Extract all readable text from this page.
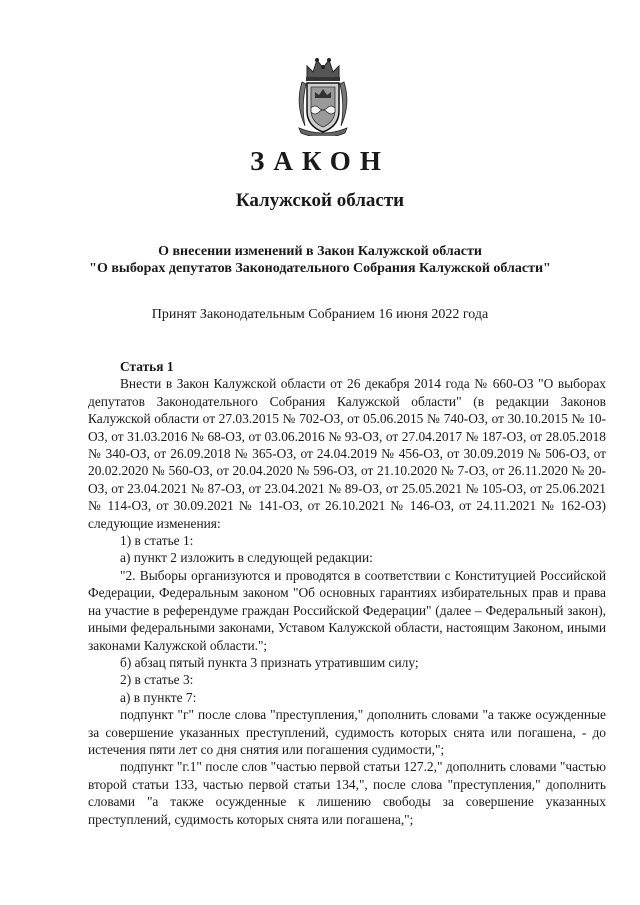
ЗАКОН
Калужской области
О внесении изменений в Закон Калужской области
"О выборах депутатов Законодательного Собрания Калужской области"
Принят Законодательным Собранием 16 июня 2022 года

Статья 1

Внести в Закон Калужской области от 26 декабря 2014 года № 660-ОЗ "О выборах депутатов Законодательного Собрания Калужской области" (в редакции Законов Калужской области от 27.03.2015 № 702-ОЗ, от 05.06.2015 № 740-ОЗ, от 30.10.2015 № 10-ОЗ, от 31.03.2016 № 68-ОЗ, от 03.06.2016 № 93-ОЗ, от 27.04.2017 № 187-ОЗ, от 28.05.2018 № 340-ОЗ, от 26.09.2018 № 365-ОЗ, от 24.04.2019 № 456-ОЗ, от 30.09.2019 № 506-ОЗ, от 20.02.2020 № 560-ОЗ, от 20.04.2020 № 596-ОЗ, от 21.10.2020 № 7-ОЗ, от 26.11.2020 № 20-ОЗ, от 23.04.2021 № 87-ОЗ, от 23.04.2021 № 89-ОЗ, от 25.05.2021 № 105-ОЗ, от 25.06.2021 № 114-ОЗ, от 30.09.2021 № 141-ОЗ, от 26.10.2021 № 146-ОЗ, от 24.11.2021 № 162-ОЗ) следующие изменения:

1) в статье 1:

а) пункт 2 изложить в следующей редакции:

"2. Выборы организуются и проводятся в соответствии с Конституцией Российской Федерации, Федеральным законом "Об основных гарантиях избирательных прав и права на участие в референдуме граждан Российской Федерации" (далее – Федеральный закон), иными федеральными законами, Уставом Калужской области, настоящим Законом, иными законами Калужской области.";

б) абзац пятый пункта 3 признать утратившим силу;

2) в статье 3:

а) в пункте 7:

подпункт "г" после слова "преступления," дополнить словами "а также осужденные за совершение указанных преступлений, судимость которых снята или погашена, - до истечения пяти лет со дня снятия или погашения судимости,";

подпункт "г.1" после слов "частью первой статьи 127.2," дополнить словами "частью второй статьи 133, частью первой статьи 134,", после слова "преступления," дополнить словами "а также осужденные к лишению свободы за совершение указанных преступлений, судимость которых снята или погашена,";
